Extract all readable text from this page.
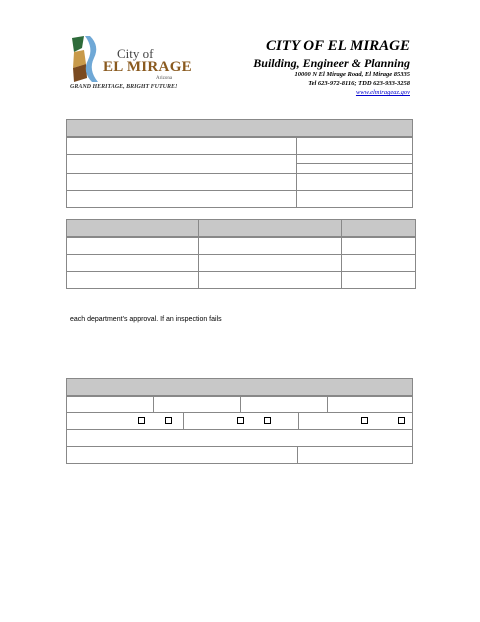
City of
EL MIRAGE
Arizona
GRAND HERITAGE, BRIGHT FUTURE!
CITY OF EL MIRAGE
Building, Engineer & Planning
10000 N El Mirage Road, El Mirage 85335
Tel 623-972-8116; TDD 623-933-3258
www.elmirageaz.gov
each department’s approval. If an inspection fails
